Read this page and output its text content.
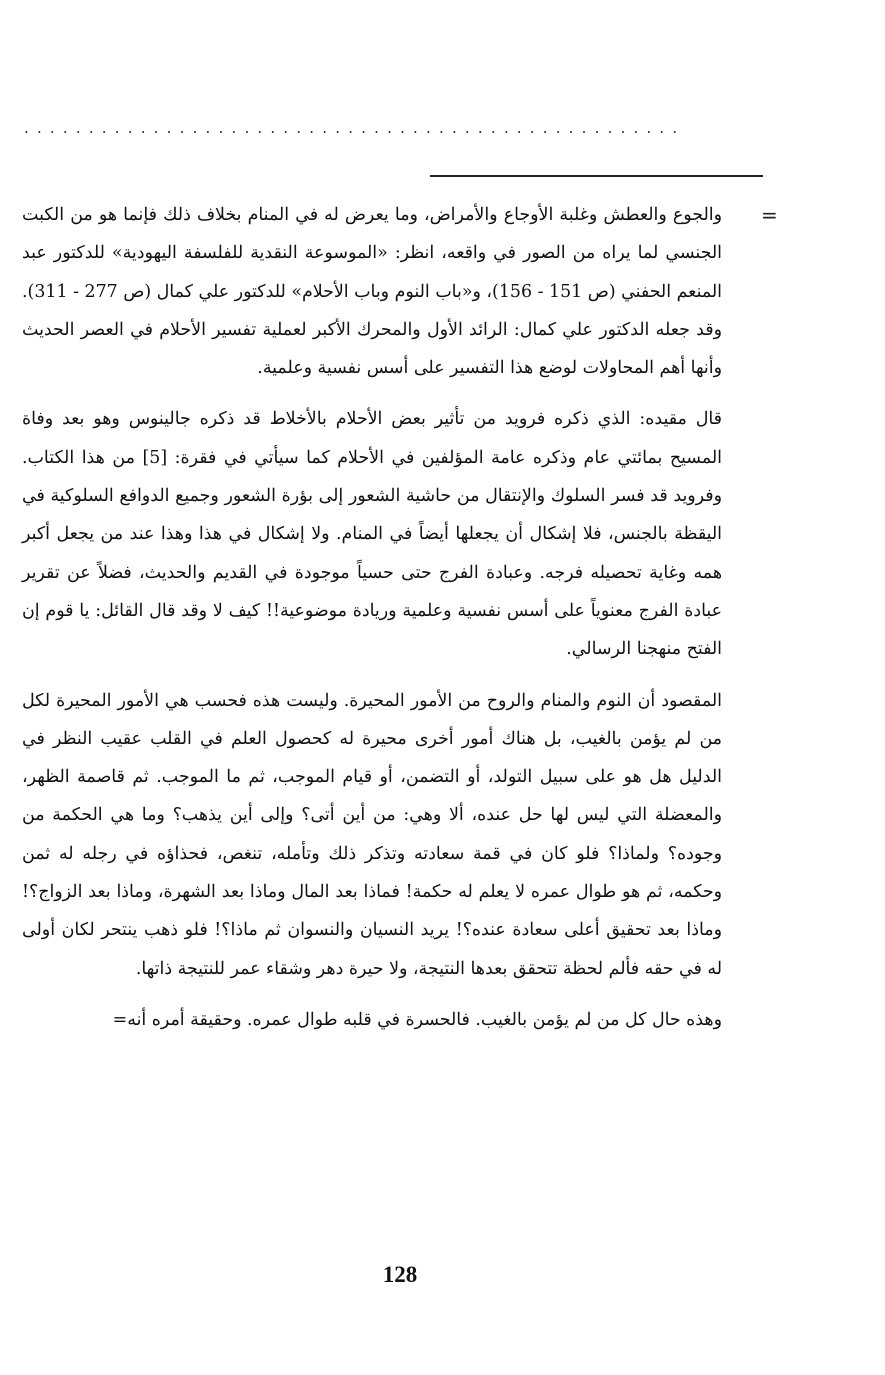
...................................................
=

والجوع والعطش وغلبة الأوجاع والأمراض، وما يعرض له في المنام بخلاف ذلك فإنما هو من الكبت الجنسي لما يراه من الصور في واقعه، انظر: «الموسوعة النقدية للفلسفة اليهودية» للدكتور عبد المنعم الحفني (ص 151 - 156)، و«باب النوم وباب الأحلام» للدكتور علي كمال (ص 277 - 311). وقد جعله الدكتور علي كمال: الرائد الأول والمحرك الأكبر لعملية تفسير الأحلام في العصر الحديث وأنها أهم المحاولات لوضع هذا التفسير على أسس نفسية وعلمية.

قال مقيده: الذي ذكره فرويد من تأثير بعض الأحلام بالأخلاط قد ذكره جالينوس وهو بعد وفاة المسيح بمائتي عام وذكره عامة المؤلفين في الأحلام كما سيأتي في فقرة: [5] من هذا الكتاب. وفرويد قد فسر السلوك والإنتقال من حاشية الشعور إلى بؤرة الشعور وجميع الدوافع السلوكية في اليقظة بالجنس، فلا إشكال أن يجعلها أيضاً في المنام. ولا إشكال في هذا وهذا عند من يجعل أكبر همه وغاية تحصيله فرجه. وعبادة الفرج حتى حسياً موجودة في القديم والحديث، فضلاً عن تقرير عبادة الفرج معنوياً على أسس نفسية وعلمية وريادة موضوعية!! كيف لا وقد قال القائل: يا قوم إن الفتح منهجنا الرسالي.

المقصود أن النوم والمنام والروح من الأمور المحيرة. وليست هذه فحسب هي الأمور المحيرة لكل من لم يؤمن بالغيب، بل هناك أمور أخرى محيرة له كحصول العلم في القلب عقيب النظر في الدليل هل هو على سبيل التولد، أو التضمن، أو قيام الموجب، ثم ما الموجب. ثم قاصمة الظهر، والمعضلة التي ليس لها حل عنده، ألا وهي: من أين أتى؟ وإلى أين يذهب؟ وما هي الحكمة من وجوده؟ ولماذا؟ فلو كان في قمة سعادته وتذكر ذلك وتأمله، تنغص، فحذاؤه في رجله له ثمن وحكمه، ثم هو طوال عمره لا يعلم له حكمة! فماذا بعد المال وماذا بعد الشهرة، وماذا بعد الزواج؟! وماذا بعد تحقيق أعلى سعادة عنده؟! يريد النسيان والنسوان ثم ماذا؟! فلو ذهب ينتحر لكان أولى له في حقه فألم لحظة تتحقق بعدها النتيجة، ولا حيرة دهر وشقاء عمر للنتيجة ذاتها.

وهذه حال كل من لم يؤمن بالغيب. فالحسرة في قلبه طوال عمره. وحقيقة أمره أنه=

128
